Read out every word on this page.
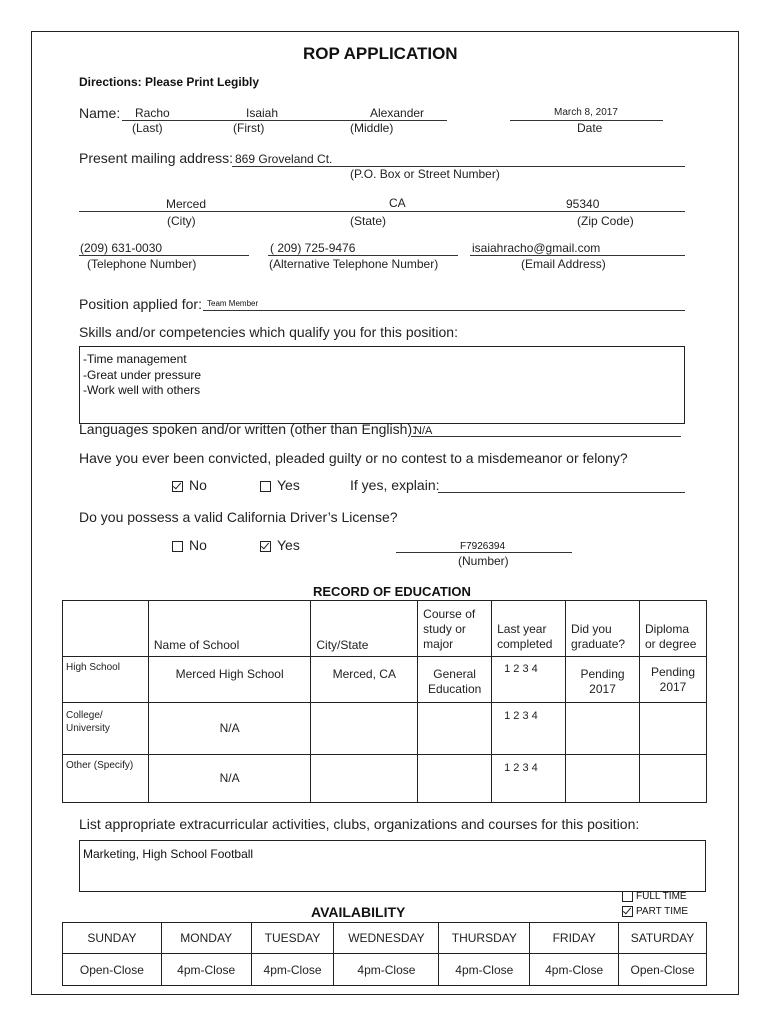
ROP APPLICATION
Directions: Please Print Legibly
Name: Racho	Isaiah	Alexander
(Last)	(First)	(Middle)
March 8, 2017
Date
Present mailing address: 869 Groveland Ct.
(P.O. Box or Street Number)
Merced	CA	95340
(City)	(State)	(Zip Code)
(209) 631-0030	( 209) 725-9476	isaiahracho@gmail.com
(Telephone Number)	(Alternative Telephone Number)	(Email Address)
Position applied for: Team Member
Skills and/or competencies which qualify you for this position:
-Time management
-Great under pressure
-Work well with others
Languages spoken and/or written (other than English):
N/A
Have you ever been convicted, pleaded guilty or no contest to a misdemeanor or felony?
No	Yes	If yes, explain:
Do you possess a valid California Driver’s License?
No	Yes	F7926394
(Number)
RECORD OF EDUCATION
	Name of School	City/State	Course of study or major	Last year completed	Did you graduate?	Diploma or degree
High School	Merced High School	Merced, CA	General Education	1 2 3 4	Pending 2017	Pending 2017
College/ University	N/A			1 2 3 4		
Other (Specify)	N/A			1 2 3 4		
List appropriate extracurricular activities, clubs, organizations and courses for this position:
Marketing, High School Football
AVAILABILITY
FULL TIME
PART TIME
SUNDAY	MONDAY	TUESDAY	WEDNESDAY	THURSDAY	FRIDAY	SATURDAY
Open-Close	4pm-Close	4pm-Close	4pm-Close	4pm-Close	4pm-Close	Open-Close
